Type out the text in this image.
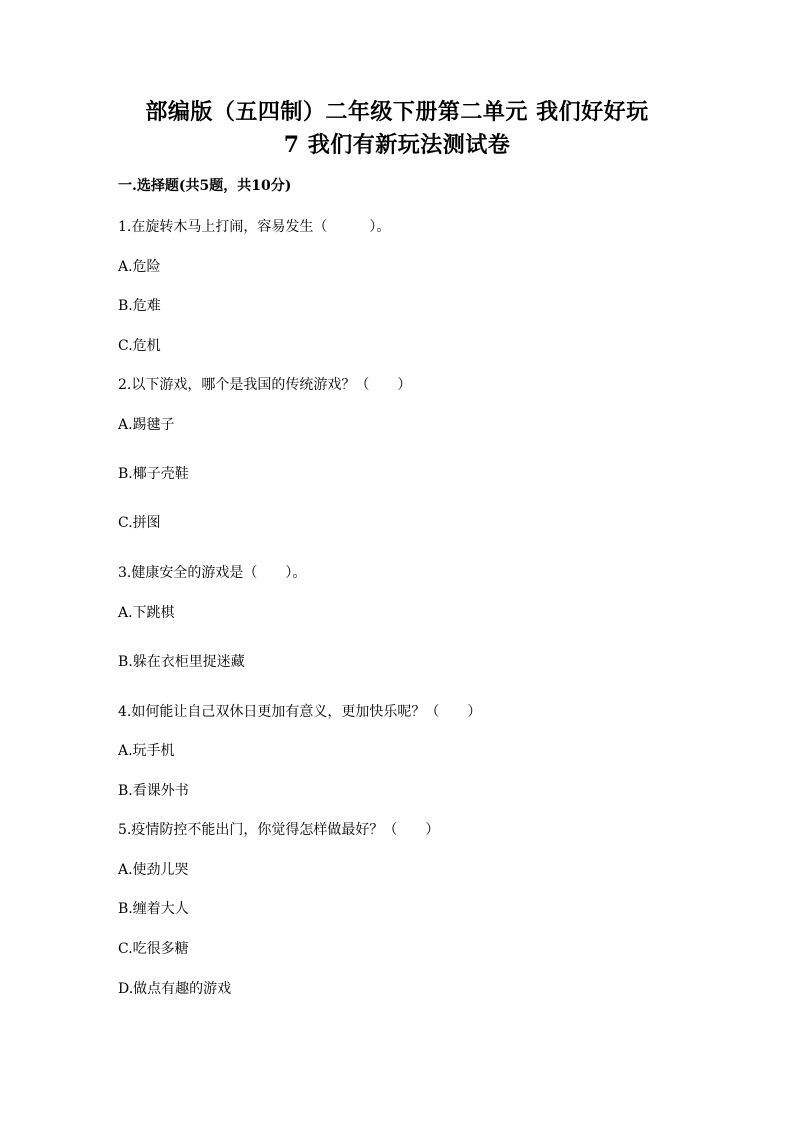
部编版（五四制）二年级下册第二单元 我们好好玩
7 我们有新玩法测试卷
一.选择题(共5题，共10分)
1.在旋转木马上打闹，容易发生（　　　）。
A.危险
B.危难
C.危机
2.以下游戏，哪个是我国的传统游戏？（　　）
A.踢毽子
B.椰子壳鞋
C.拼图
3.健康安全的游戏是（　　）。
A.下跳棋
B.躲在衣柜里捉迷藏
4.如何能让自己双休日更加有意义，更加快乐呢？（　　）
A.玩手机
B.看课外书
5.疫情防控不能出门，你觉得怎样做最好？（　　）
A.使劲儿哭
B.缠着大人
C.吃很多糖
D.做点有趣的游戏
